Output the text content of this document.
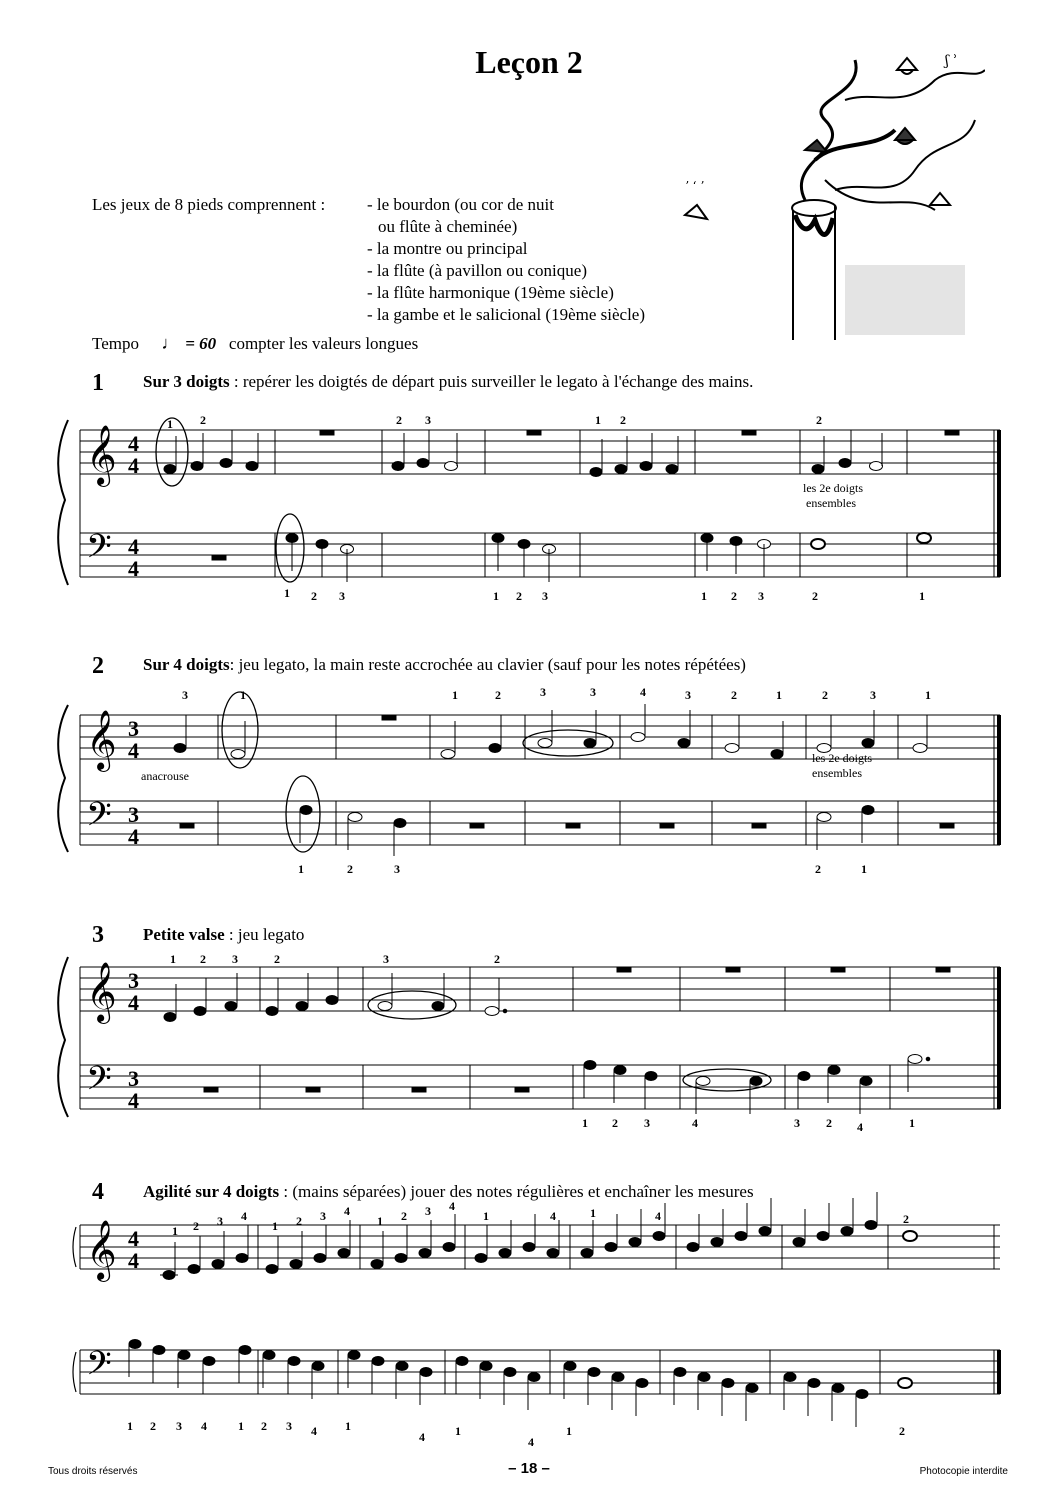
Leçon 2
ʼ ʻ ʼ
ʃ ʾ
Les jeux de 8 pieds comprennent : - le bourdon (ou cor de nuit
ou flûte à cheminée)
- la montre ou principal
- la flûte (à pavillon ou conique)
- la flûte harmonique (19ème siècle)
- la gambe et le salicional (19ème siècle)
Tempo ♩ = 60 compter les valeurs longues
1 Sur 3 doigts : repérer les doigtés de départ puis surveiller le legato à l'échange des mains.
2 Sur 4 doigts: jeu legato, la main reste accrochée au clavier (sauf pour les notes répétées)
3 Petite valse : jeu legato
4 Agilité sur 4 doigts : (mains séparées) jouer des notes régulières et enchaîner les mesures
𝄞
𝄢
4
4
4
4
1 2	2 3	1 2	2
les 2e doigts ensembles
1 2 3	1 2 3	1 2 3	2	1
𝄞
𝄢
3
4
3
4
anacrouse
les 2e doigts ensembles
3	1	1	2	3	3	4	3	2	1	2	3	1
1	2	3	2	1
𝄞
𝄢
3
4
3
4
1 2 3	2	3	2
1 2 3	4	3 2 4	1
𝄞
𝄢
4
4
1 2 3 4
1 2 3 4
1 2 3 4
1	4	1	4	2
1 2 3 4	1 2 3 4 1
4	1
4
1	2
Tous droits réservés	– 18 –	Photocopie interdite
